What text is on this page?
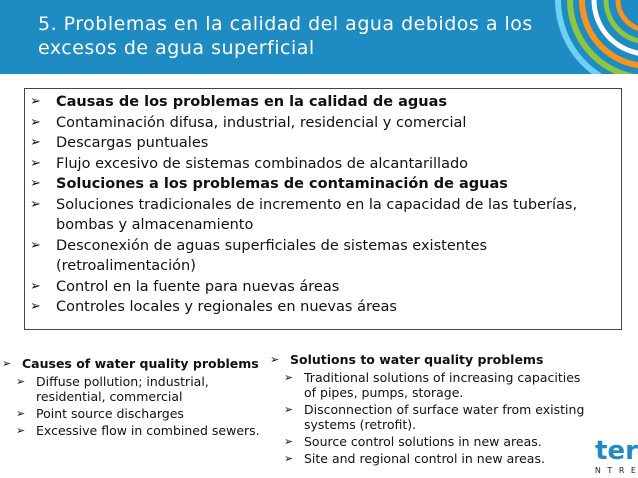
5. Problemas en la calidad del agua debidos a los excesos de agua superficial
➢ Causas de los problemas en la calidad de aguas
➢ Contaminación difusa, industrial, residencial y comercial
➢ Descargas puntuales
➢ Flujo excesivo de sistemas combinados de alcantarillado
➢ Soluciones a los problemas de contaminación de aguas
➢ Soluciones tradicionales de incremento en la capacidad de las tuberías, bombas y almacenamiento
➢ Desconexión de aguas superficiales de sistemas existentes (retroalimentación)
➢ Control en la fuente para nuevas áreas
➢ Controles locales y regionales en nuevas áreas
➢ Causes of water quality problems
➢ Diffuse pollution; industrial, residential, commercial
➢ Point source discharges
➢ Excessive flow in combined sewers.
➢ Solutions to water quality problems
➢ Traditional solutions of increasing capacities of pipes, pumps, storage.
➢ Disconnection of surface water from existing systems (retrofit).
➢ Source control solutions in new areas.
➢ Site and regional control in new areas.	ter
N T R E
